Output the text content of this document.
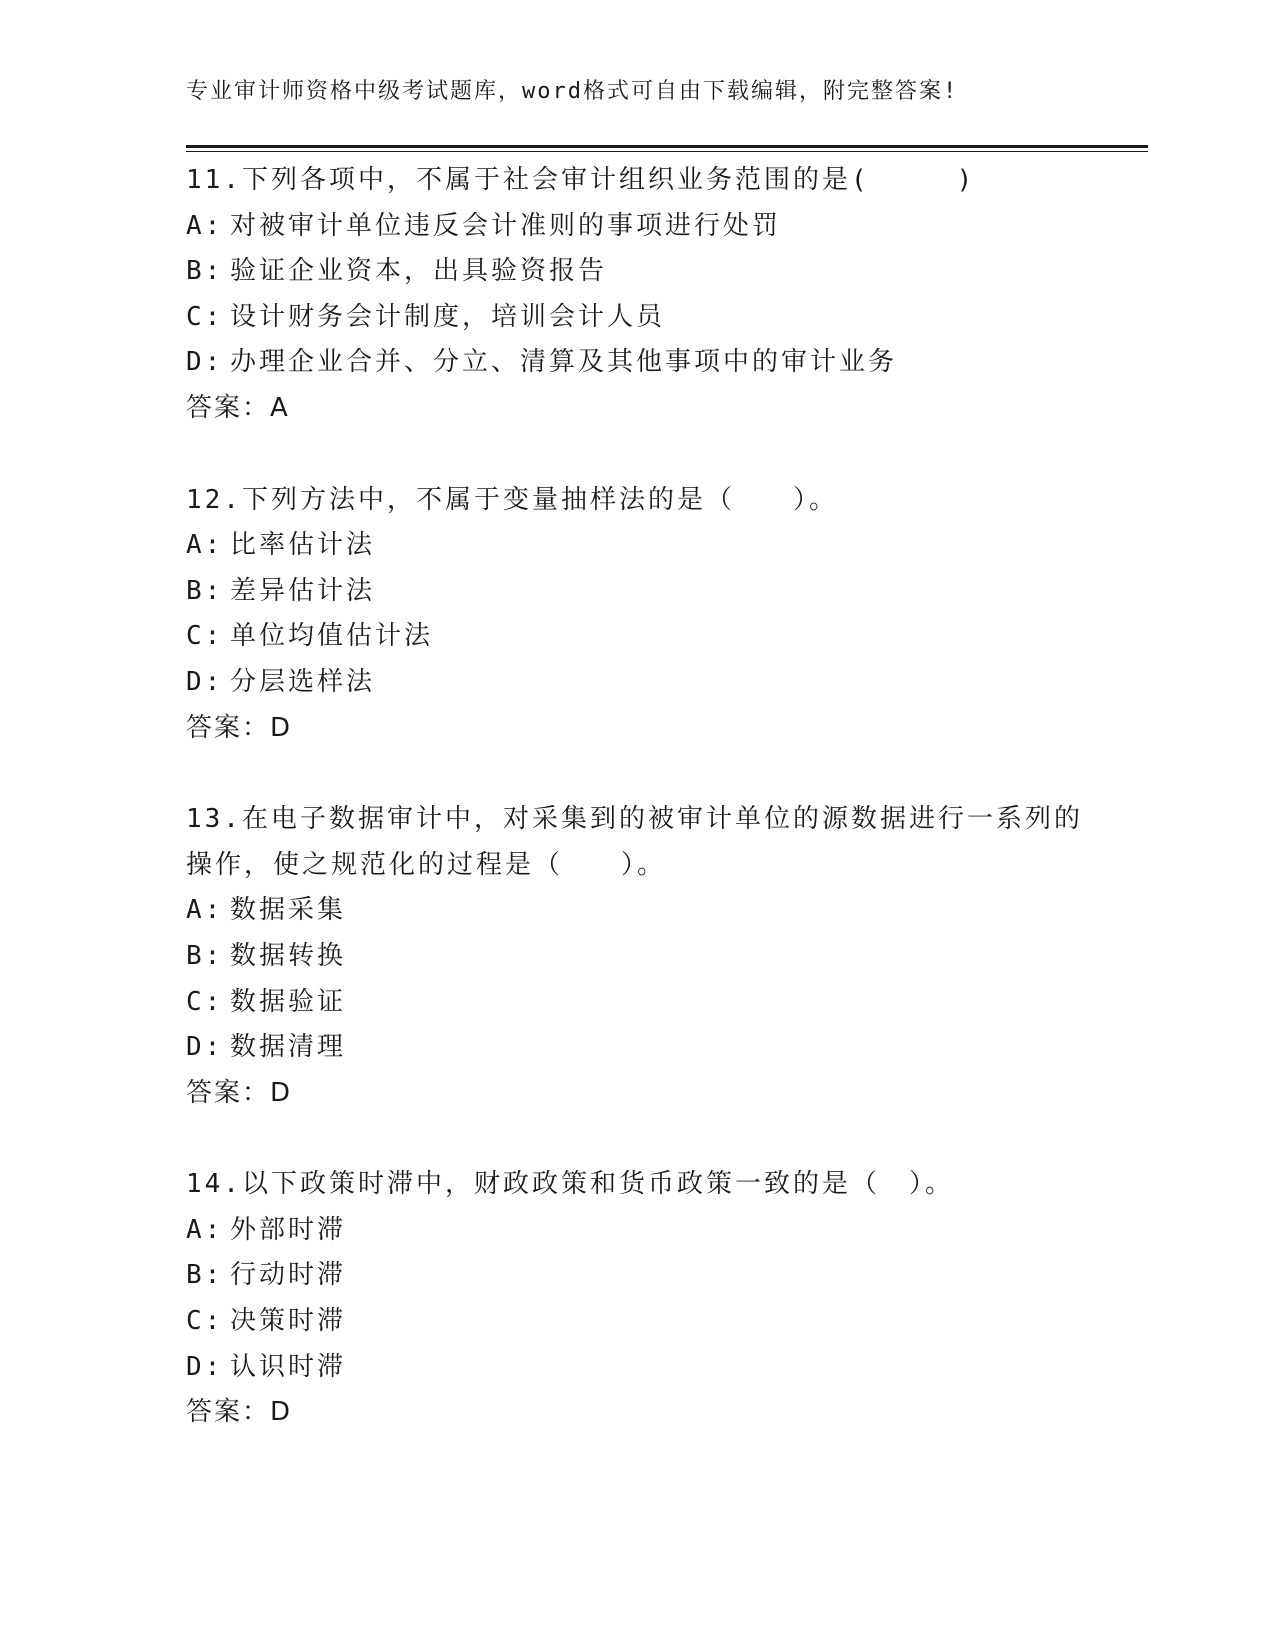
专业审计师资格中级考试题库，word格式可自由下载编辑，附完整答案!
11.下列各项中，不属于社会审计组织业务范围的是(　　　)
A: 对被审计单位违反会计准则的事项进行处罚
B: 验证企业资本，出具验资报告
C: 设计财务会计制度，培训会计人员
D: 办理企业合并、分立、清算及其他事项中的审计业务
答案：A
12.下列方法中，不属于变量抽样法的是（　　）。
A: 比率估计法
B: 差异估计法
C: 单位均值估计法
D: 分层选样法
答案：D
13.在电子数据审计中，对采集到的被审计单位的源数据进行一系列的
操作，使之规范化的过程是（　　）。
A: 数据采集
B: 数据转换
C: 数据验证
D: 数据清理
答案：D
14.以下政策时滞中，财政政策和货币政策一致的是（　）。
A: 外部时滞
B: 行动时滞
C: 决策时滞
D: 认识时滞
答案：D
